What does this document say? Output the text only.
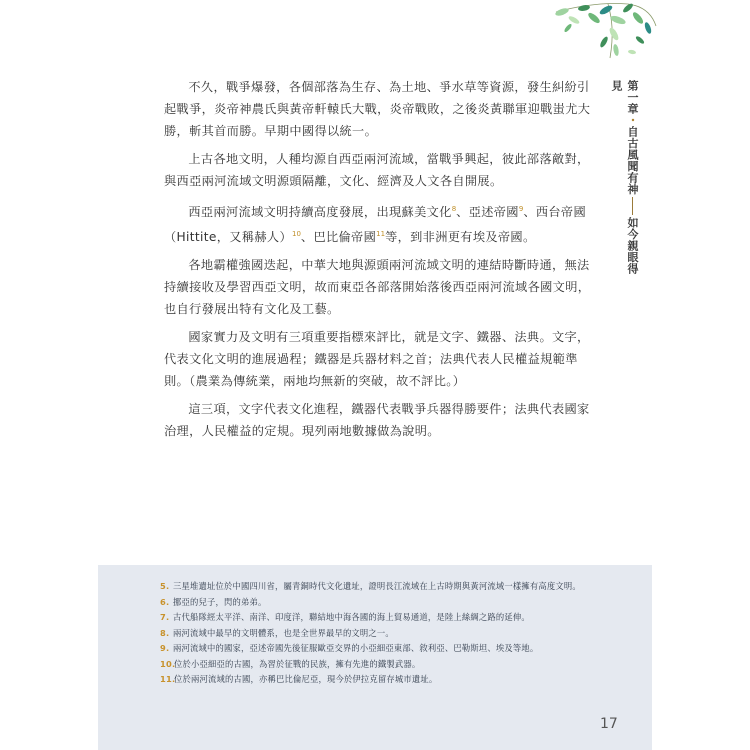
第一章・自古風聞有神如今親眼得見

不久，戰爭爆發，各個部落為生存、為土地、爭水草等資源，發生糾紛引起戰爭，炎帝神農氏與黃帝軒轅氏大戰，炎帝戰敗，之後炎黃聯軍迎戰蚩尤大勝，斬其首而勝。早期中國得以統一。

上古各地文明，人種均源自西亞兩河流域，當戰爭興起，彼此部落敵對，與西亞兩河流域文明源頭隔離，文化、經濟及人文各自開展。

西亞兩河流域文明持續高度發展，出現蘇美文化$^8$、亞述帝國$^9$、西台帝國（Hittite，又稱赫人）$^{10}$、巴比倫帝國$^{11}$等，到非洲更有埃及帝國。

各地霸權強國迭起，中華大地與源頭兩河流域文明的連結時斷時通，無法持續接收及學習西亞文明，故而東亞各部落開始落後西亞兩河流域各國文明，也自行發展出特有文化及工藝。

國家實力及文明有三項重要指標來評比，就是文字、鐵器、法典。文字，代表文化文明的進展過程；鐵器是兵器材料之首；法典代表人民權益規範準則。（農業為傳統業，兩地均無新的突破，故不評比。）

這三項，文字代表文化進程，鐵器代表戰爭兵器得勝要件；法典代表國家治理，人民權益的定規。現列兩地數據做為說明。

5. 三星堆遺址位於中國四川省，屬青銅時代文化遺址，證明長江流域在上古時期與黃河流域一樣擁有高度文明。
6. 挪亞的兒子，閃的弟弟。
7. 古代船隊經太平洋、南洋、印度洋，聯結地中海各國的海上貿易通道，是陸上絲綢之路的延伸。
8. 兩河流域中最早的文明體系，也是全世界最早的文明之一。
9. 兩河流域中的國家，亞述帝國先後征服歐亞交界的小亞細亞東部、敘利亞、巴勒斯坦、埃及等地。
10.
位於小亞細亞的古國，為習於征戰的民族，擁有先進的鐵製武器。
11.
位於兩河流域的古國，亦稱巴比倫尼亞，現今於伊拉克留存城市遺址。
17
